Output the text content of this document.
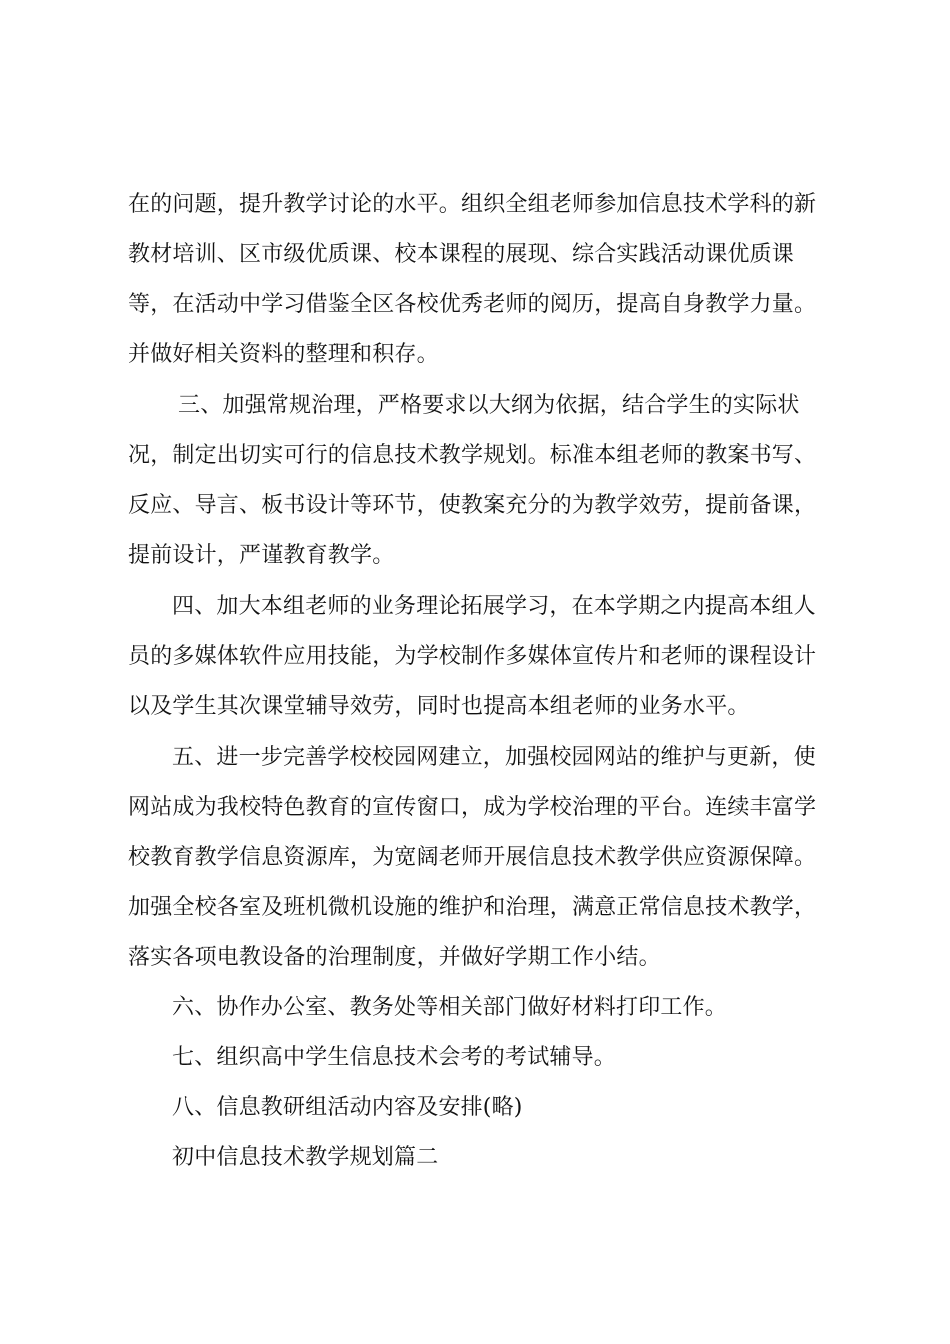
在的问题，提升教学讨论的水平。组织全组老师参加信息技术学科的新
教材培训、区市级优质课、校本课程的展现、综合实践活动课优质课
等，在活动中学习借鉴全区各校优秀老师的阅历，提高自身教学力量。
并做好相关资料的整理和积存。
三、加强常规治理，严格要求以大纲为依据，结合学生的实际状
况，制定出切实可行的信息技术教学规划。标准本组老师的教案书写、
反应、导言、板书设计等环节，使教案充分的为教学效劳，提前备课，
提前设计，严谨教育教学。
四、加大本组老师的业务理论拓展学习，在本学期之内提高本组人
员的多媒体软件应用技能，为学校制作多媒体宣传片和老师的课程设计
以及学生其次课堂辅导效劳，同时也提高本组老师的业务水平。
五、进一步完善学校校园网建立，加强校园网站的维护与更新，使
网站成为我校特色教育的宣传窗口，成为学校治理的平台。连续丰富学
校教育教学信息资源库，为宽阔老师开展信息技术教学供应资源保障。
加强全校各室及班机微机设施的维护和治理，满意正常信息技术教学，
落实各项电教设备的治理制度，并做好学期工作小结。
六、协作办公室、教务处等相关部门做好材料打印工作。
七、组织高中学生信息技术会考的考试辅导。
八、信息教研组活动内容及安排(略)
初中信息技术教学规划篇二
